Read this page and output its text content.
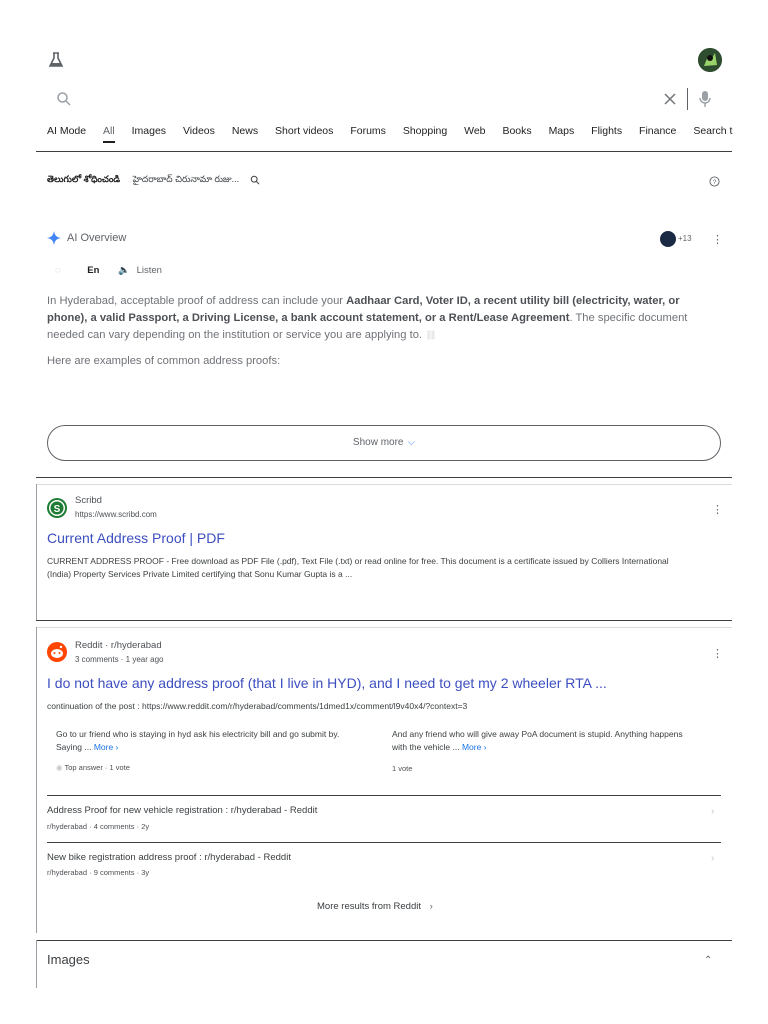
AI Mode All Images Videos News Short videos Forums Shopping Web Books Maps Flights Finance Search t
తెలుగులో శోధించండి హైదరాబాద్ చిరునామా రుజు...	?
AI Overview	+13 ⋮
◌	En 🔈 Listen
In Hyderabad, acceptable proof of address can include your Aadhaar Card, Voter ID, a recent utility bill (electricity, water, or phone), a valid Passport, a Driving License, a bank account statement, or a Rent/Lease Agreement. The specific document needed can vary depending on the institution or service you are applying to. ⛓
Here are examples of common address proofs:
Show more ⌵
S
Scribd
https://www.scribd.com	⋮
Current Address Proof | PDF
CURRENT ADDRESS PROOF - Free download as PDF File (.pdf), Text File (.txt) or read online for free. This document is a certificate issued by Colliers International (India) Property Services Private Limited certifying that Sonu Kumar Gupta is a ...
Reddit · r/hyderabad
3 comments · 1 year ago	⋮
I do not have any address proof (that I live in HYD), and I need to get my 2 wheeler RTA ...
continuation of the post : https://www.reddit.com/r/hyderabad/comments/1dmed1x/comment/l9v40x4/?context=3
Go to ur friend who is staying in hyd ask his electricity bill and go submit by. Saying ... More ›
◉ Top answer · 1 vote
And any friend who will give away PoA document is stupid. Anything happens with the vehicle ... More ›
1 vote
Address Proof for new vehicle registration : r/hyderabad - Reddit
r/hyderabad · 4 comments · 2y
›
New bike registration address proof : r/hyderabad - Reddit
r/hyderabad · 9 comments · 3y
›
More results from Reddit ›
Images	⌃
